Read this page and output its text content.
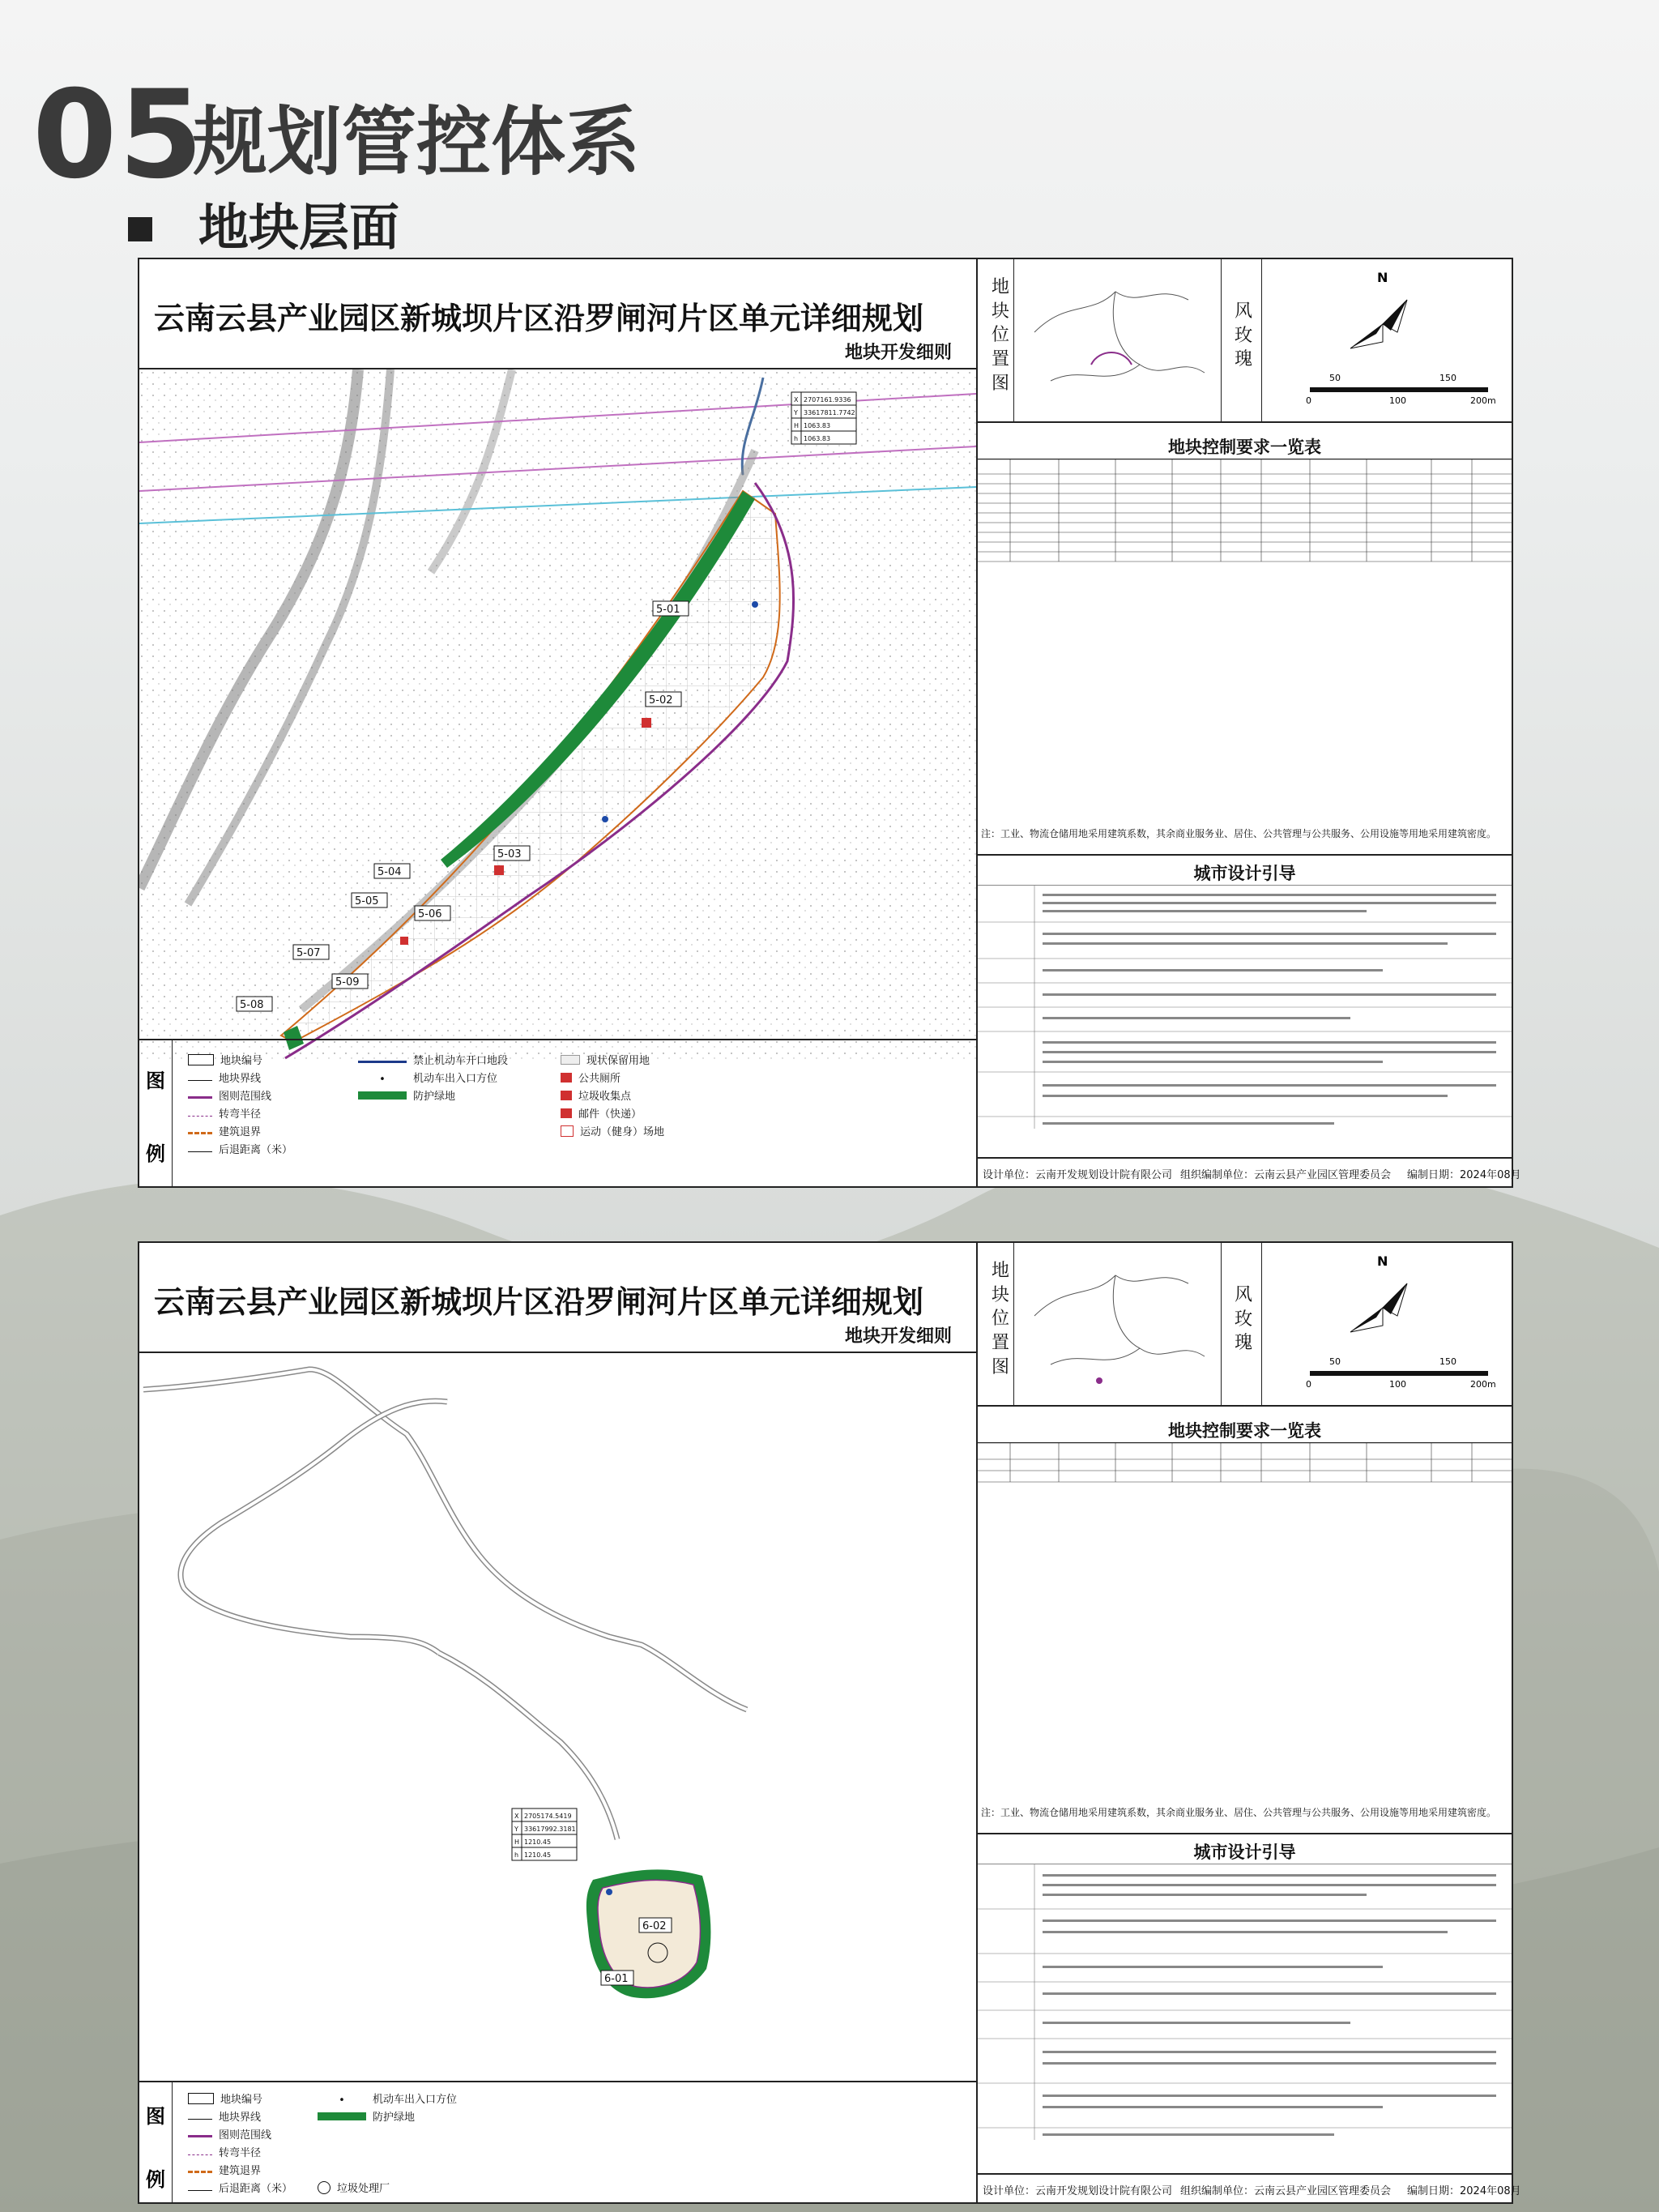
05
规划管控体系
地块层面
云南云县产业园区新城坝片区沿罗闸河片区单元详细规划
地块开发细则
X 2707161.9336
Y 33617811.7742
H 1063.83
h 1063.83
5-01
5-02
5-03
5-04
5-05
5-06
5-07
5-08
5-09
图
例
地块编号
地块界线
图则范围线
转弯半径
建筑退界
后退距离（米）
禁止机动车开口地段
•	机动车出入口方位
防护绿地
现状保留用地
公共厕所
垃圾收集点
邮件（快递）
运动（健身）场地
地
块
位
置
图
风
玫
瑰
N
50	150
0	100	200m
地块控制要求一览表
注：工业、物流仓储用地采用建筑系数，其余商业服务业、居住、公共管理与公共服务、公用设施等用地采用建筑密度。
城市设计引导
设计单位：云南开发规划设计院有限公司 组织编制单位：云南云县产业园区管理委员会 编制日期：2024年08月
云南云县产业园区新城坝片区沿罗闸河片区单元详细规划
地块开发细则
X 2705174.5419
Y 33617992.3181
H 1210.45
h 1210.45
6-02
6-01
图
例
地块编号
地块界线
图则范围线
转弯半径
建筑退界
后退距离（米）
•	机动车出入口方位
防护绿地
垃圾处理厂
地
块
位
置
图
风
玫
瑰
N
50	150
0	100	200m
地块控制要求一览表
注：工业、物流仓储用地采用建筑系数，其余商业服务业、居住、公共管理与公共服务、公用设施等用地采用建筑密度。
城市设计引导
设计单位：云南开发规划设计院有限公司 组织编制单位：云南云县产业园区管理委员会 编制日期：2024年08月
